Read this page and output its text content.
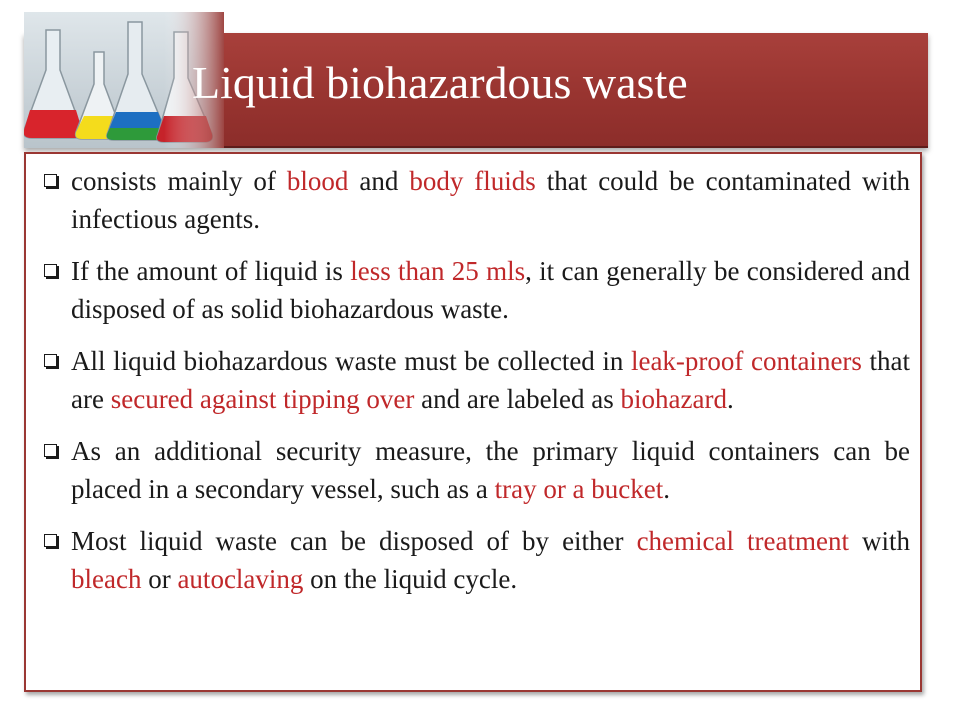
Liquid biohazardous waste
consists mainly of blood and body fluids that could be contaminated with infectious agents.
If the amount of liquid is less than 25 mls, it can generally be considered and disposed of as solid biohazardous waste.
All liquid biohazardous waste must be collected in leak-proof containers that are secured against tipping over and are labeled as biohazard.
As an additional security measure, the primary liquid containers can be placed in a secondary vessel, such as a tray or a bucket.
Most liquid waste can be disposed of by either chemical treatment with bleach or autoclaving on the liquid cycle.
